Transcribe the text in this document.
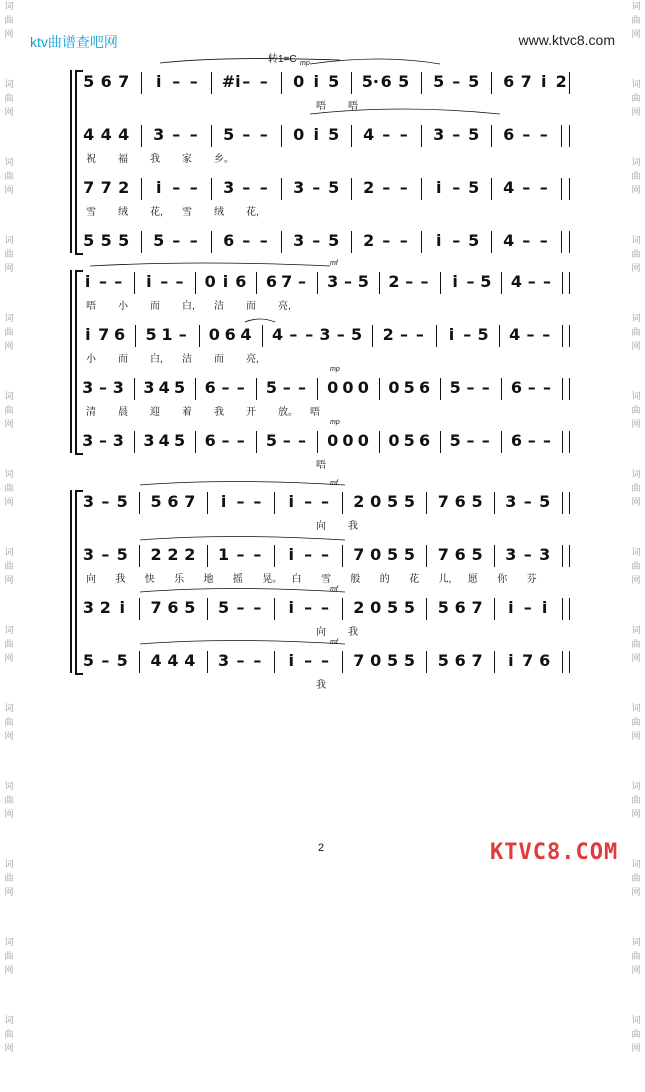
词
曲
网
词
曲
网
词
曲
网
词
曲
网
词
曲
网
词
曲
网
词
曲
网
词
曲
网
词
曲
网
词
曲
网
词
曲
网
词
曲
网
词
曲
网
词
曲
网
词
曲
网
词
曲
网
词
曲
网
词
曲
网
词
曲
网
词
曲
网
词
曲
网
词
曲
网
词
曲
网
词
曲
网
词
曲
网
词
曲
网
词
曲
网
词
曲
网
ktv曲谱查吧网	www.ktvc8.com
转1=C
5 6 7 i – – #i – – 0 i 5 5· 6 5 5 – 5 6 7 i 2
mp
唔 唔
4 4 4 3 – – 5 – – 0 i 5 4 – – 3 – 5 6 – –
祝 福 我 家 乡。
7 7 2 i – – 3 – – 3 – 5 2 – – i – 5 4 – –
雪 绒 花, 雪 绒 花,
5 5 5 5 – – 6 – – 3 – 5 2 – – i – 5 4 – –
i – – i – – 0 i 6 6 7 – 3 – 5 2 – – i – 5 4 – –
mf
唔 小 而 白, 洁 而 亮,
i 7 6 5 1 – 0 6 4 4 – – 3 – 5 2 – – i – 5 4 – –
小 而 白, 洁 而 亮,
3 – 3 3 4 5 6 – – 5 – – 0 0 0 0 5 6 5 – – 6 – –
mp
清 晨 迎 着 我 开 放。 唔
3 – 3 3 4 5 6 – – 5 – – 0 0 0 0 5 6 5 – – 6 – –
mp
唔
3 – 5 5 6 7 i – – i – – 2 0 5 5 7 6 5 3 – 5
mf
向 我
3 – 5 2 2 2 1 – – i – – 7 0 5 5 7 6 5 3 – 3
向 我 快 乐 地 摇 晃。 白 雪 般 的 花 儿, 愿 你 芬
3 2 i 7 6 5 5 – – i – – 2 0 5 5 5 6 7 i – i
mf
向 我
5 – 5 4 4 4 3 – – i – – 7 0 5 5 5 6 7 i 7 6
mf
我
2	KTVC8.COM
